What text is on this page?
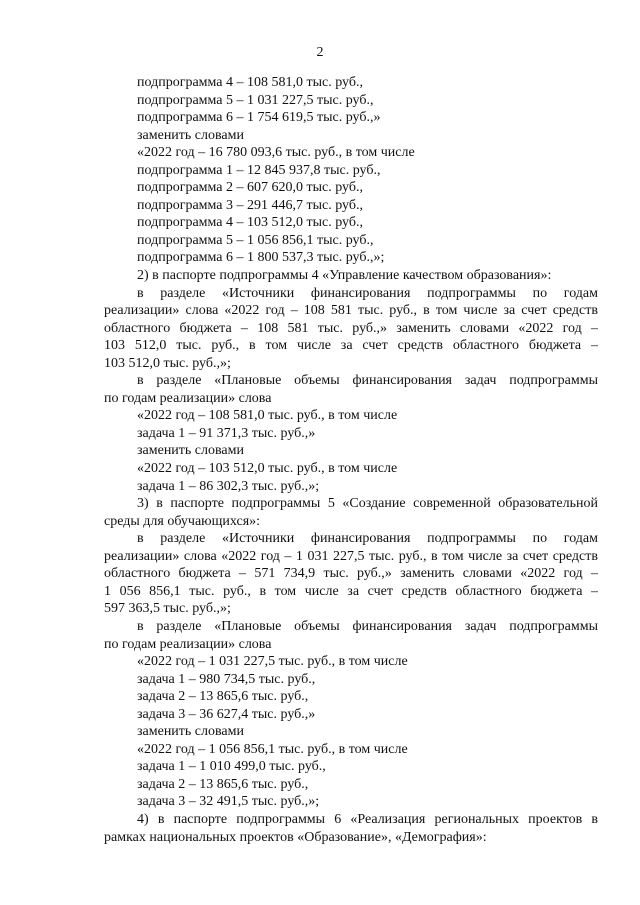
2
подпрограмма 4 – 108 581,0 тыс. руб.,
подпрограмма 5 – 1 031 227,5 тыс. руб.,
подпрограмма 6 – 1 754 619,5 тыс. руб.,»
заменить словами
«2022 год – 16 780 093,6 тыс. руб., в том числе
подпрограмма 1 – 12 845 937,8 тыс. руб.,
подпрограмма 2 – 607 620,0 тыс. руб.,
подпрограмма 3 – 291 446,7 тыс. руб.,
подпрограмма 4 – 103 512,0 тыс. руб.,
подпрограмма 5 – 1 056 856,1 тыс. руб.,
подпрограмма 6 – 1 800 537,3 тыс. руб.,»;
2) в паспорте подпрограммы 4 «Управление качеством образования»:
в разделе «Источники финансирования подпрограммы по годам
реализации» слова «2022 год – 108 581 тыс. руб., в том числе за счет средств
областного бюджета – 108 581 тыс. руб.,» заменить словами «2022 год –
103 512,0 тыс. руб., в том числе за счет средств областного бюджета –
103 512,0 тыс. руб.,»;
в разделе «Плановые объемы финансирования задач подпрограммы
по годам реализации» слова
«2022 год – 108 581,0 тыс. руб., в том числе
задача 1 – 91 371,3 тыс. руб.,»
заменить словами
«2022 год – 103 512,0 тыс. руб., в том числе
задача 1 – 86 302,3 тыс. руб.,»;
3) в паспорте подпрограммы 5 «Создание современной образовательной
среды для обучающихся»:
в разделе «Источники финансирования подпрограммы по годам
реализации» слова «2022 год – 1 031 227,5 тыс. руб., в том числе за счет средств
областного бюджета – 571 734,9 тыс. руб.,» заменить словами «2022 год –
1 056 856,1 тыс. руб., в том числе за счет средств областного бюджета –
597 363,5 тыс. руб.,»;
в разделе «Плановые объемы финансирования задач подпрограммы
по годам реализации» слова
«2022 год – 1 031 227,5 тыс. руб., в том числе
задача 1 – 980 734,5 тыс. руб.,
задача 2 – 13 865,6 тыс. руб.,
задача 3 – 36 627,4 тыс. руб.,»
заменить словами
«2022 год – 1 056 856,1 тыс. руб., в том числе
задача 1 – 1 010 499,0 тыс. руб.,
задача 2 – 13 865,6 тыс. руб.,
задача 3 – 32 491,5 тыс. руб.,»;
4) в паспорте подпрограммы 6 «Реализация региональных проектов в
рамках национальных проектов «Образование», «Демография»:
